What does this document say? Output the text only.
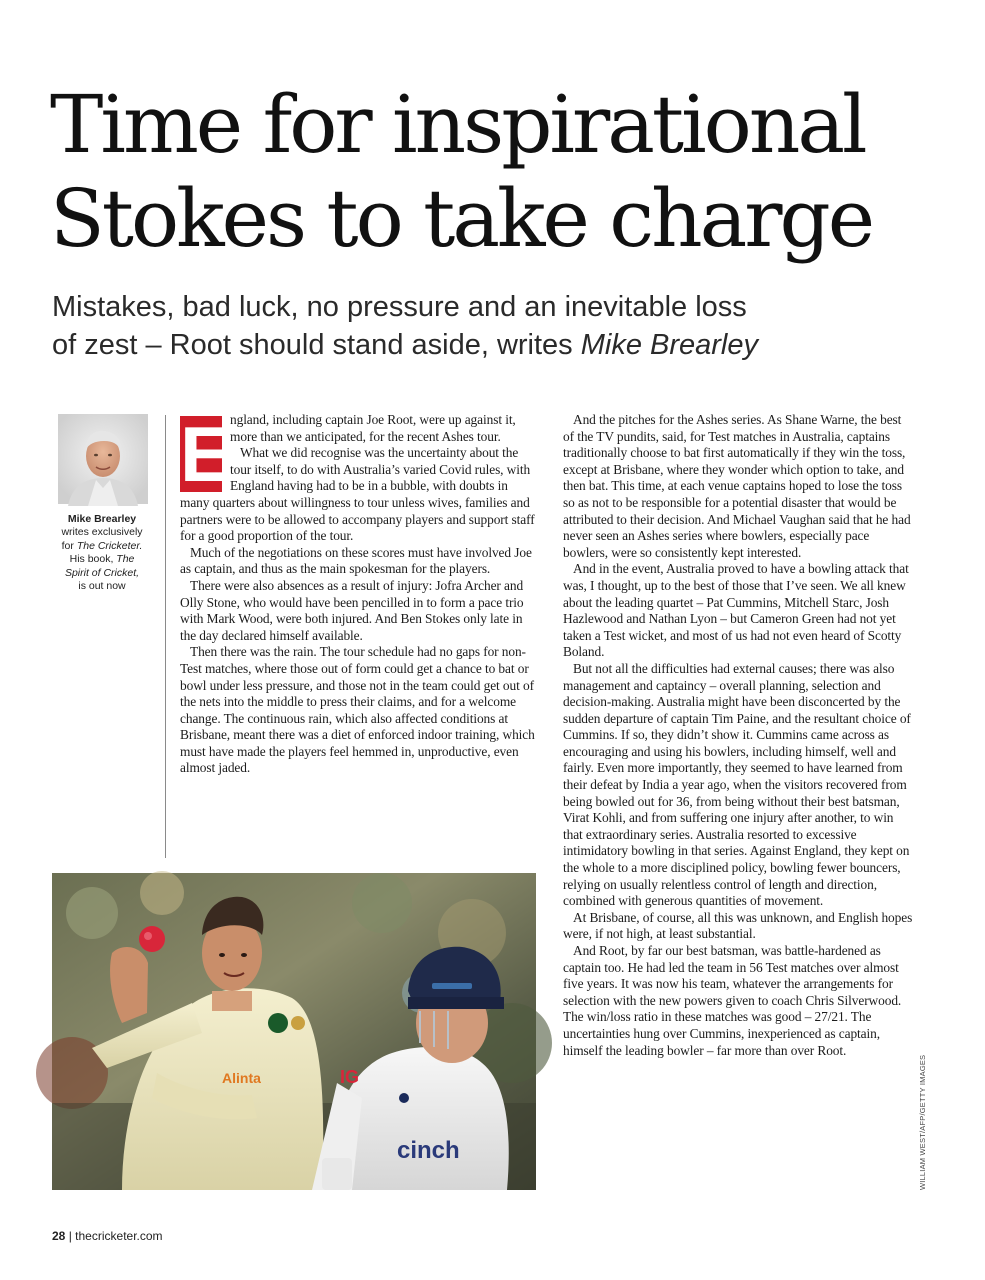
Time for inspirational
Stokes to take charge
Mistakes, bad luck, no pressure and an inevitable loss
of zest – Root should stand aside, writes Mike Brearley
Mike Brearley
writes exclusively
for The Cricketer.
His book, The
Spirit of Cricket,
is out now
E

ngland, including captain Joe Root, were up against it, more than we anticipated, for the recent Ashes tour.

What we did recognise was the uncertainty about the tour itself, to do with Australia’s varied Covid rules, with England having had to be in a bubble, with doubts in many quarters about willingness to tour unless wives, families and partners were to be allowed to accompany players and support staff for a good proportion of the tour.

Much of the negotiations on these scores must have involved Joe as captain, and thus as the main spokesman for the players.

There were also absences as a result of injury: Jofra Archer and Olly Stone, who would have been pencilled in to form a pace trio with Mark Wood, were both injured. And Ben Stokes only late in the day declared himself available.

Then there was the rain. The tour schedule had no gaps for non-Test matches, where those out of form could get a chance to bat or bowl under less pressure, and those not in the team could get out of the nets into the middle to press their claims, and for a welcome change. The continuous rain, which also affected conditions at Brisbane, meant there was a diet of enforced indoor training, which must have made the players feel hemmed in, unproductive, even almost jaded.

And the pitches for the Ashes series. As Shane Warne, the best of the TV pundits, said, for Test matches in Australia, captains traditionally choose to bat first automatically if they win the toss, except at Brisbane, where they wonder which option to take, and then bat. This time, at each venue captains hoped to lose the toss so as not to be responsible for a potential disaster that would be attributed to their decision. And Michael Vaughan said that he had never seen an Ashes series where bowlers, especially pace bowlers, were so consistently kept interested.

And in the event, Australia proved to have a bowling attack that was, I thought, up to the best of those that I’ve seen. We all knew about the leading quartet – Pat Cummins, Mitchell Starc, Josh Hazlewood and Nathan Lyon – but Cameron Green had not yet taken a Test wicket, and most of us had not even heard of Scotty Boland.

But not all the difficulties had external causes; there was also management and captaincy – overall planning, selection and decision-making. Australia might have been disconcerted by the sudden departure of captain Tim Paine, and the resultant choice of Cummins. If so, they didn’t show it. Cummins came across as encouraging and using his bowlers, including himself, well and fairly. Even more importantly, they seemed to have learned from their defeat by India a year ago, when the visitors recovered from being bowled out for 36, from being without their best batsman, Virat Kohli, and from suffering one injury after another, to win that extraordinary series. Australia resorted to excessive intimidatory bowling in that series. Against England, they kept on the whole to a more disciplined policy, bowling fewer bouncers, relying on usually relentless control of length and direction, combined with generous quantities of movement.

At Brisbane, of course, all this was unknown, and English hopes were, if not high, at least substantial.

And Root, by far our best batsman, was battle-hardened as captain too. He had led the team in 56 Test matches over almost five years. It was now his team, whatever the arrangements for selection with the new powers given to coach Chris Silverwood. The win/loss ratio in these matches was good – 27/21. The uncertainties hung over Cummins, inexperienced as captain, himself the leading bowler – far more than over Root.

Alinta
cinch
IG	WILLIAM WEST/AFP/GETTY IMAGES
28 | thecricketer.com
